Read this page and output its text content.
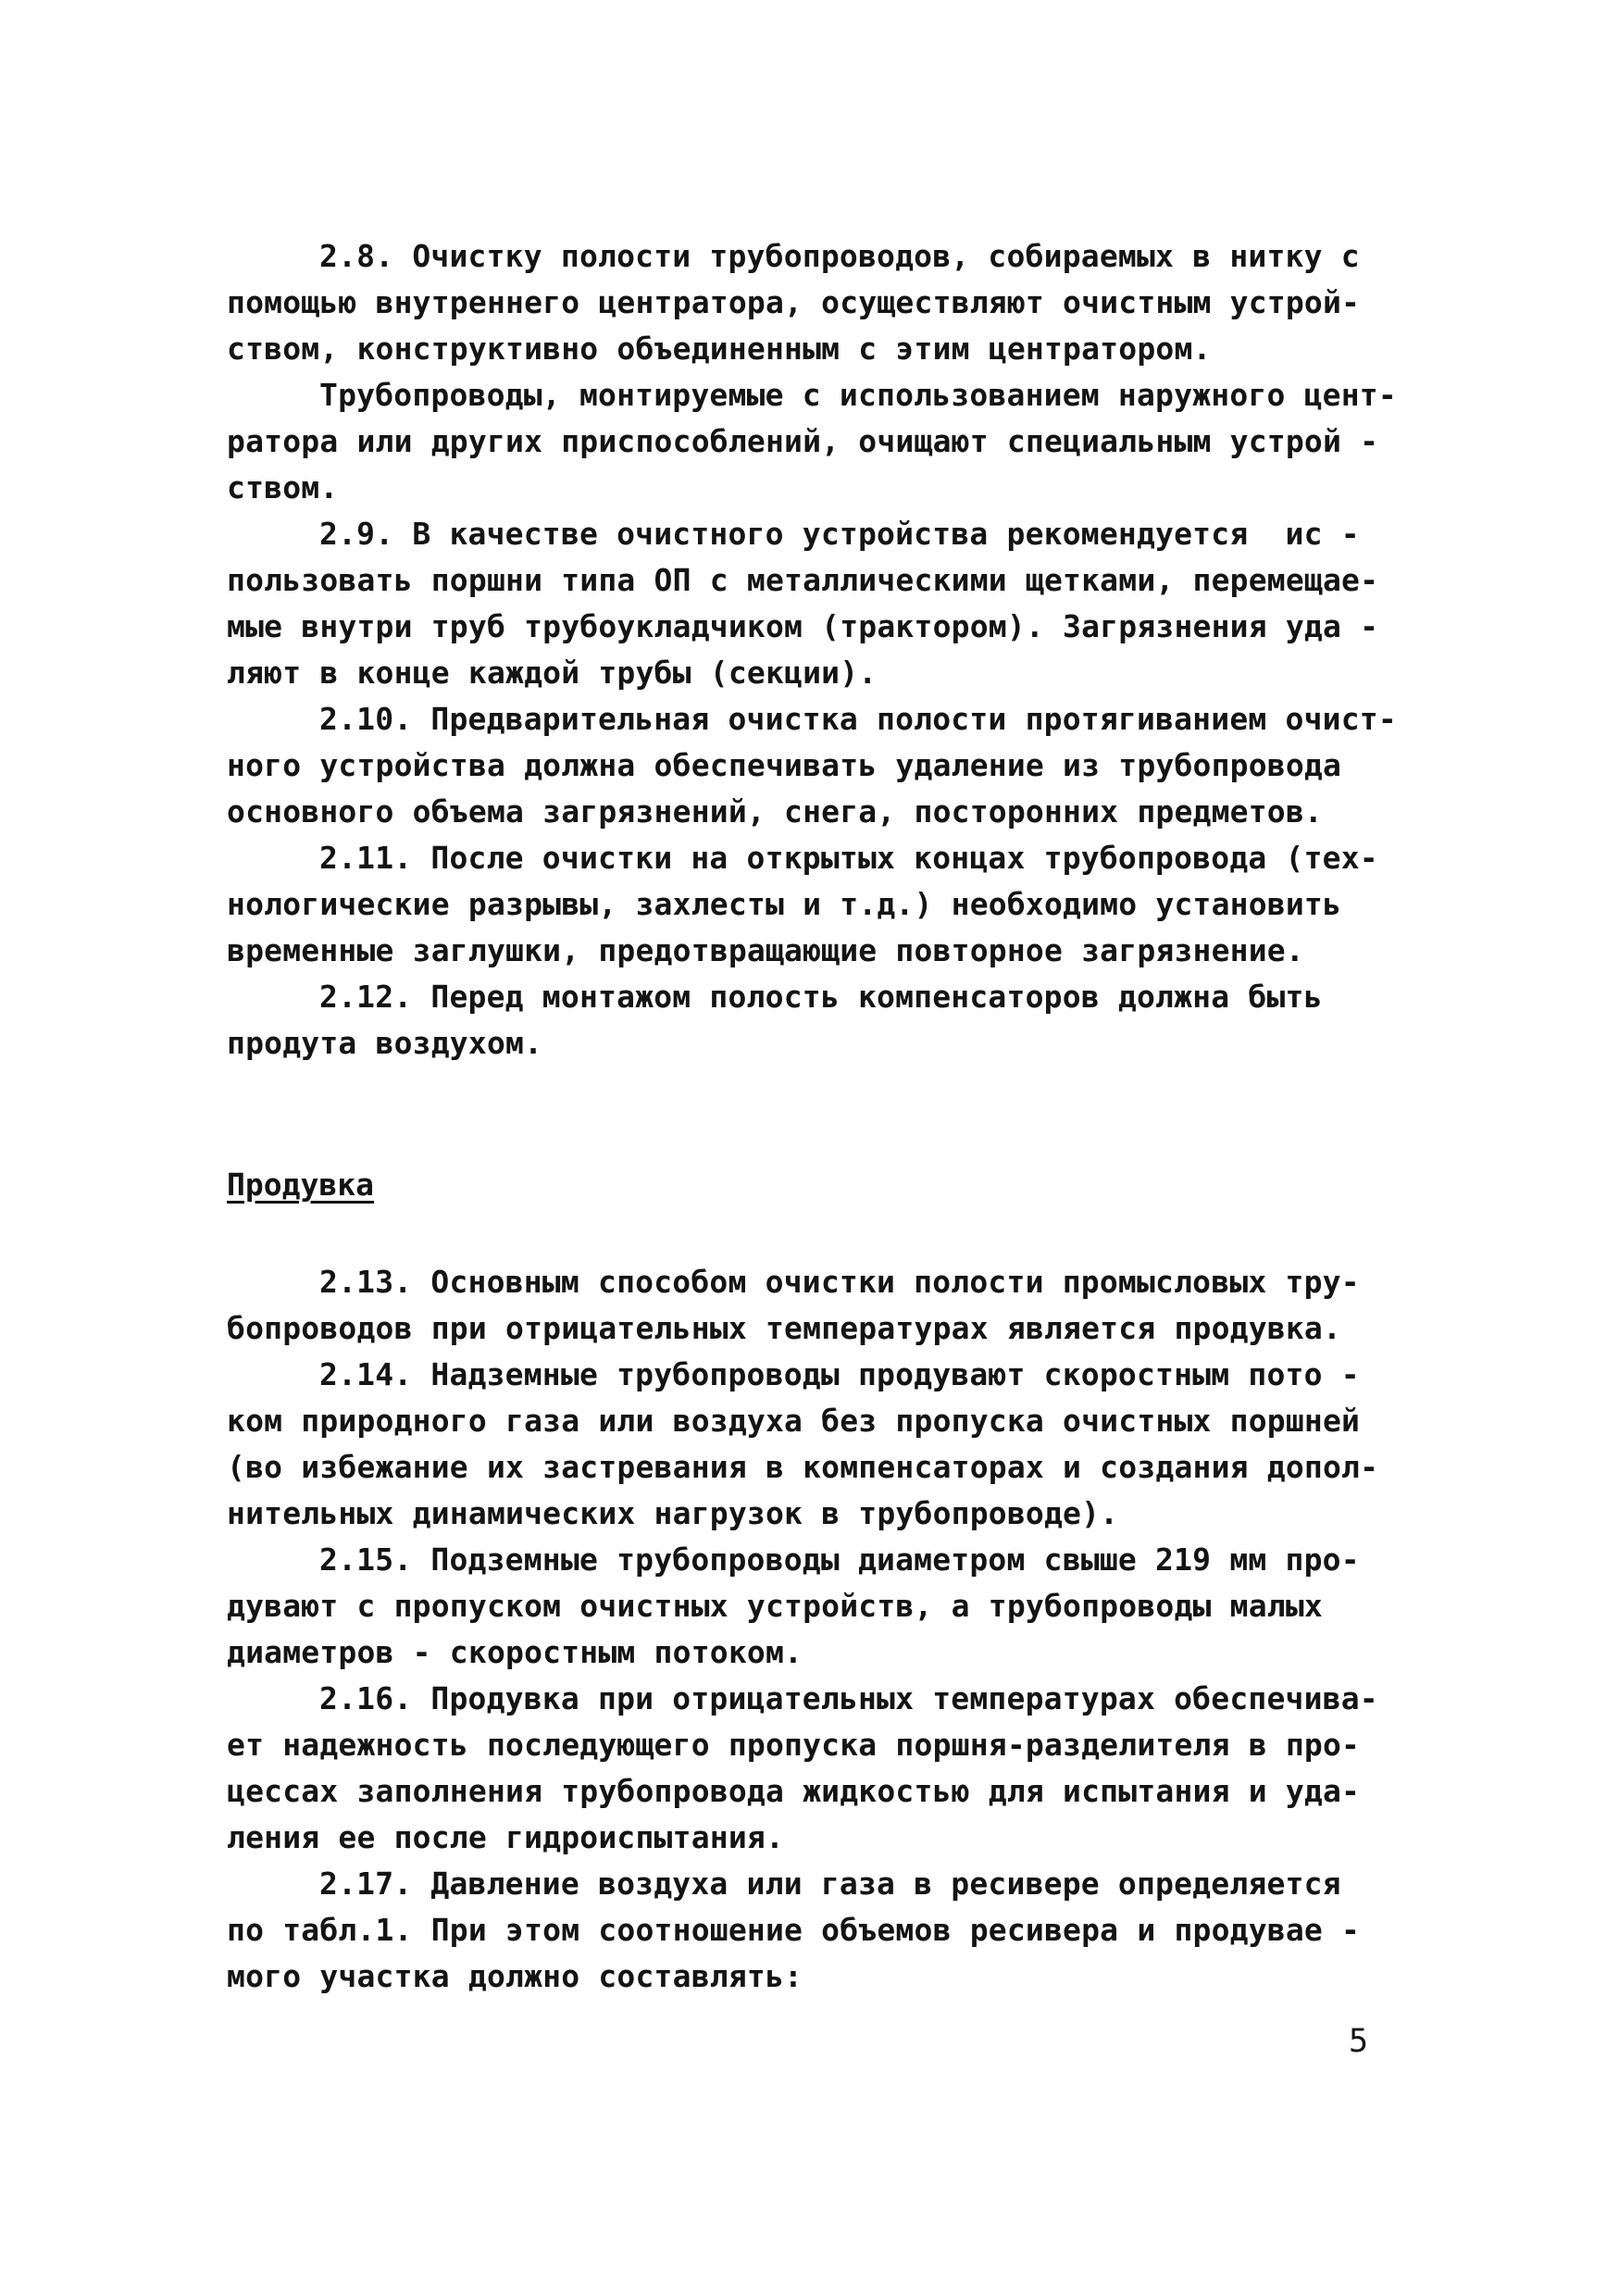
2.8. Очистку полости трубопроводов, собираемых в нитку с
помощью внутреннего центратора, осуществляют очистным устрой-
ством, конструктивно объединенным с этим центратором.
Трубопроводы, монтируемые с использованием наружного цент-
ратора или других приспособлений, очищают специальным устрой -
ством.
2.9. В качестве очистного устройства рекомендуется  ис -
пользовать поршни типа ОП с металлическими щетками, перемещае-
мые внутри труб трубоукладчиком (трактором). Загрязнения уда -
ляют в конце каждой трубы (секции).
2.10. Предварительная очистка полости протягиванием очист-
ного устройства должна обеспечивать удаление из трубопровода
основного объема загрязнений, снега, посторонних предметов.
2.11. После очистки на открытых концах трубопровода (тех-
нологические разрывы, захлесты и т.д.) необходимо установить
временные заглушки, предотвращающие повторное загрязнение.
2.12. Перед монтажом полость компенсаторов должна быть
продута воздухом.
Продувка
2.13. Основным способом очистки полости промысловых тру-
бопроводов при отрицательных температурах является продувка.
2.14. Надземные трубопроводы продувают скоростным пото -
ком природного газа или воздуха без пропуска очистных поршней
(во избежание их застревания в компенсаторах и создания допол-
нительных динамических нагрузок в трубопроводе).
2.15. Подземные трубопроводы диаметром свыше 219 мм про-
дувают с пропуском очистных устройств, а трубопроводы малых
диаметров - скоростным потоком.
2.16. Продувка при отрицательных температурах обеспечива-
ет надежность последующего пропуска поршня-разделителя в про-
цессах заполнения трубопровода жидкостью для испытания и уда-
ления ее после гидроиспытания.
2.17. Давление воздуха или газа в ресивере определяется
по табл.1. При этом соотношение объемов ресивера и продувае -
мого участка должно составлять:
5
